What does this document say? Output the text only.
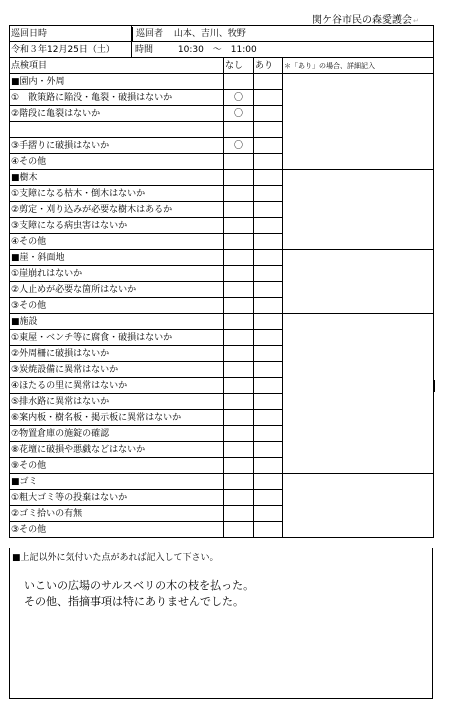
関ケ谷市民の森愛護会↵
巡回日時	巡回者 山本、吉川、牧野			
令和３年12月25日（土）	時間 10:30　〜　11:00			
点検項目		なし	あり	＊「あり」の場合、詳細記入
■園内・外周				
①　散策路に陥没・亀裂・破損はないか		〇		
②階段に亀裂はないか		〇		

③手摺りに破損はないか		〇		
④その他				
■樹木				
①支障になる枯木・倒木はないか				
②剪定・刈り込みが必要な樹木はあるか				
③支障になる病虫害はないか				
④その他				
■崖・斜面地				
①崖崩れはないか				
②人止めが必要な箇所はないか				
③その他				
■施設				
①東屋・ベンチ等に腐食・破損はないか				
②外周柵に破損はないか				
③炭焼設備に異常はないか				
④ほたるの里に異常はないか				
⑤排水路に異常はないか				
⑥案内板・樹名板・掲示板に異常はないか				
⑦物置倉庫の施錠の確認				
⑧花壇に破損や悪戯などはないか				
⑨その他				
■ゴミ				
①粗大ゴミ等の投棄はないか				
②ゴミ拾いの有無				
③その他				
■上記以外に気付いた点があれば記入して下さい。
いこいの広場のサルスベリの木の枝を払った。
その他、指摘事項は特にありませんでした。
